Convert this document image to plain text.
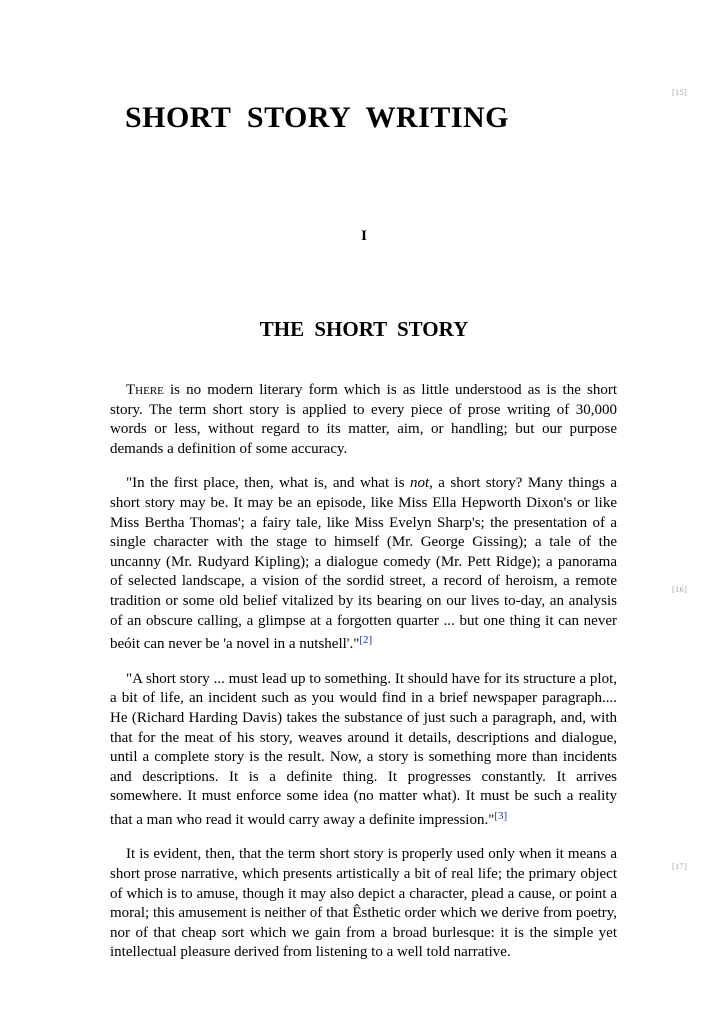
[15]
[16]
[17]
SHORT STORY WRITING
I
THE SHORT STORY

There is no modern literary form which is as little understood as is the short story. The term short story is applied to every piece of prose writing of 30,000 words or less, without regard to its matter, aim, or handling; but our purpose demands a definition of some accuracy.

"In the first place, then, what is, and what is not, a short story? Many things a short story may be. It may be an episode, like Miss Ella Hepworth Dixon's or like Miss Bertha Thomas'; a fairy tale, like Miss Evelyn Sharp's; the presentation of a single character with the stage to himself (Mr. George Gissing); a tale of the uncanny (Mr. Rudyard Kipling); a dialogue comedy (Mr. Pett Ridge); a panorama of selected landscape, a vision of the sordid street, a record of heroism, a remote tradition or some old belief vitalized by its bearing on our lives to-day, an analysis of an obscure calling, a glimpse at a forgotten quarter ... but one thing it can never beóit can never be 'a novel in a nutshell'."[2]

"A short story ... must lead up to something. It should have for its structure a plot, a bit of life, an incident such as you would find in a brief newspaper paragraph.... He (Richard Harding Davis) takes the substance of just such a paragraph, and, with that for the meat of his story, weaves around it details, descriptions and dialogue, until a complete story is the result. Now, a story is something more than incidents and descriptions. It is a definite thing. It progresses constantly. It arrives somewhere. It must enforce some idea (no matter what). It must be such a reality that a man who read it would carry away a definite impression."[3]

It is evident, then, that the term short story is properly used only when it means a short prose narrative, which presents artistically a bit of real life; the primary object of which is to amuse, though it may also depict a character, plead a cause, or point a moral; this amusement is neither of that Êsthetic order which we derive from poetry, nor of that cheap sort which we gain from a broad burlesque: it is the simple yet intellectual pleasure derived from listening to a well told narrative.
